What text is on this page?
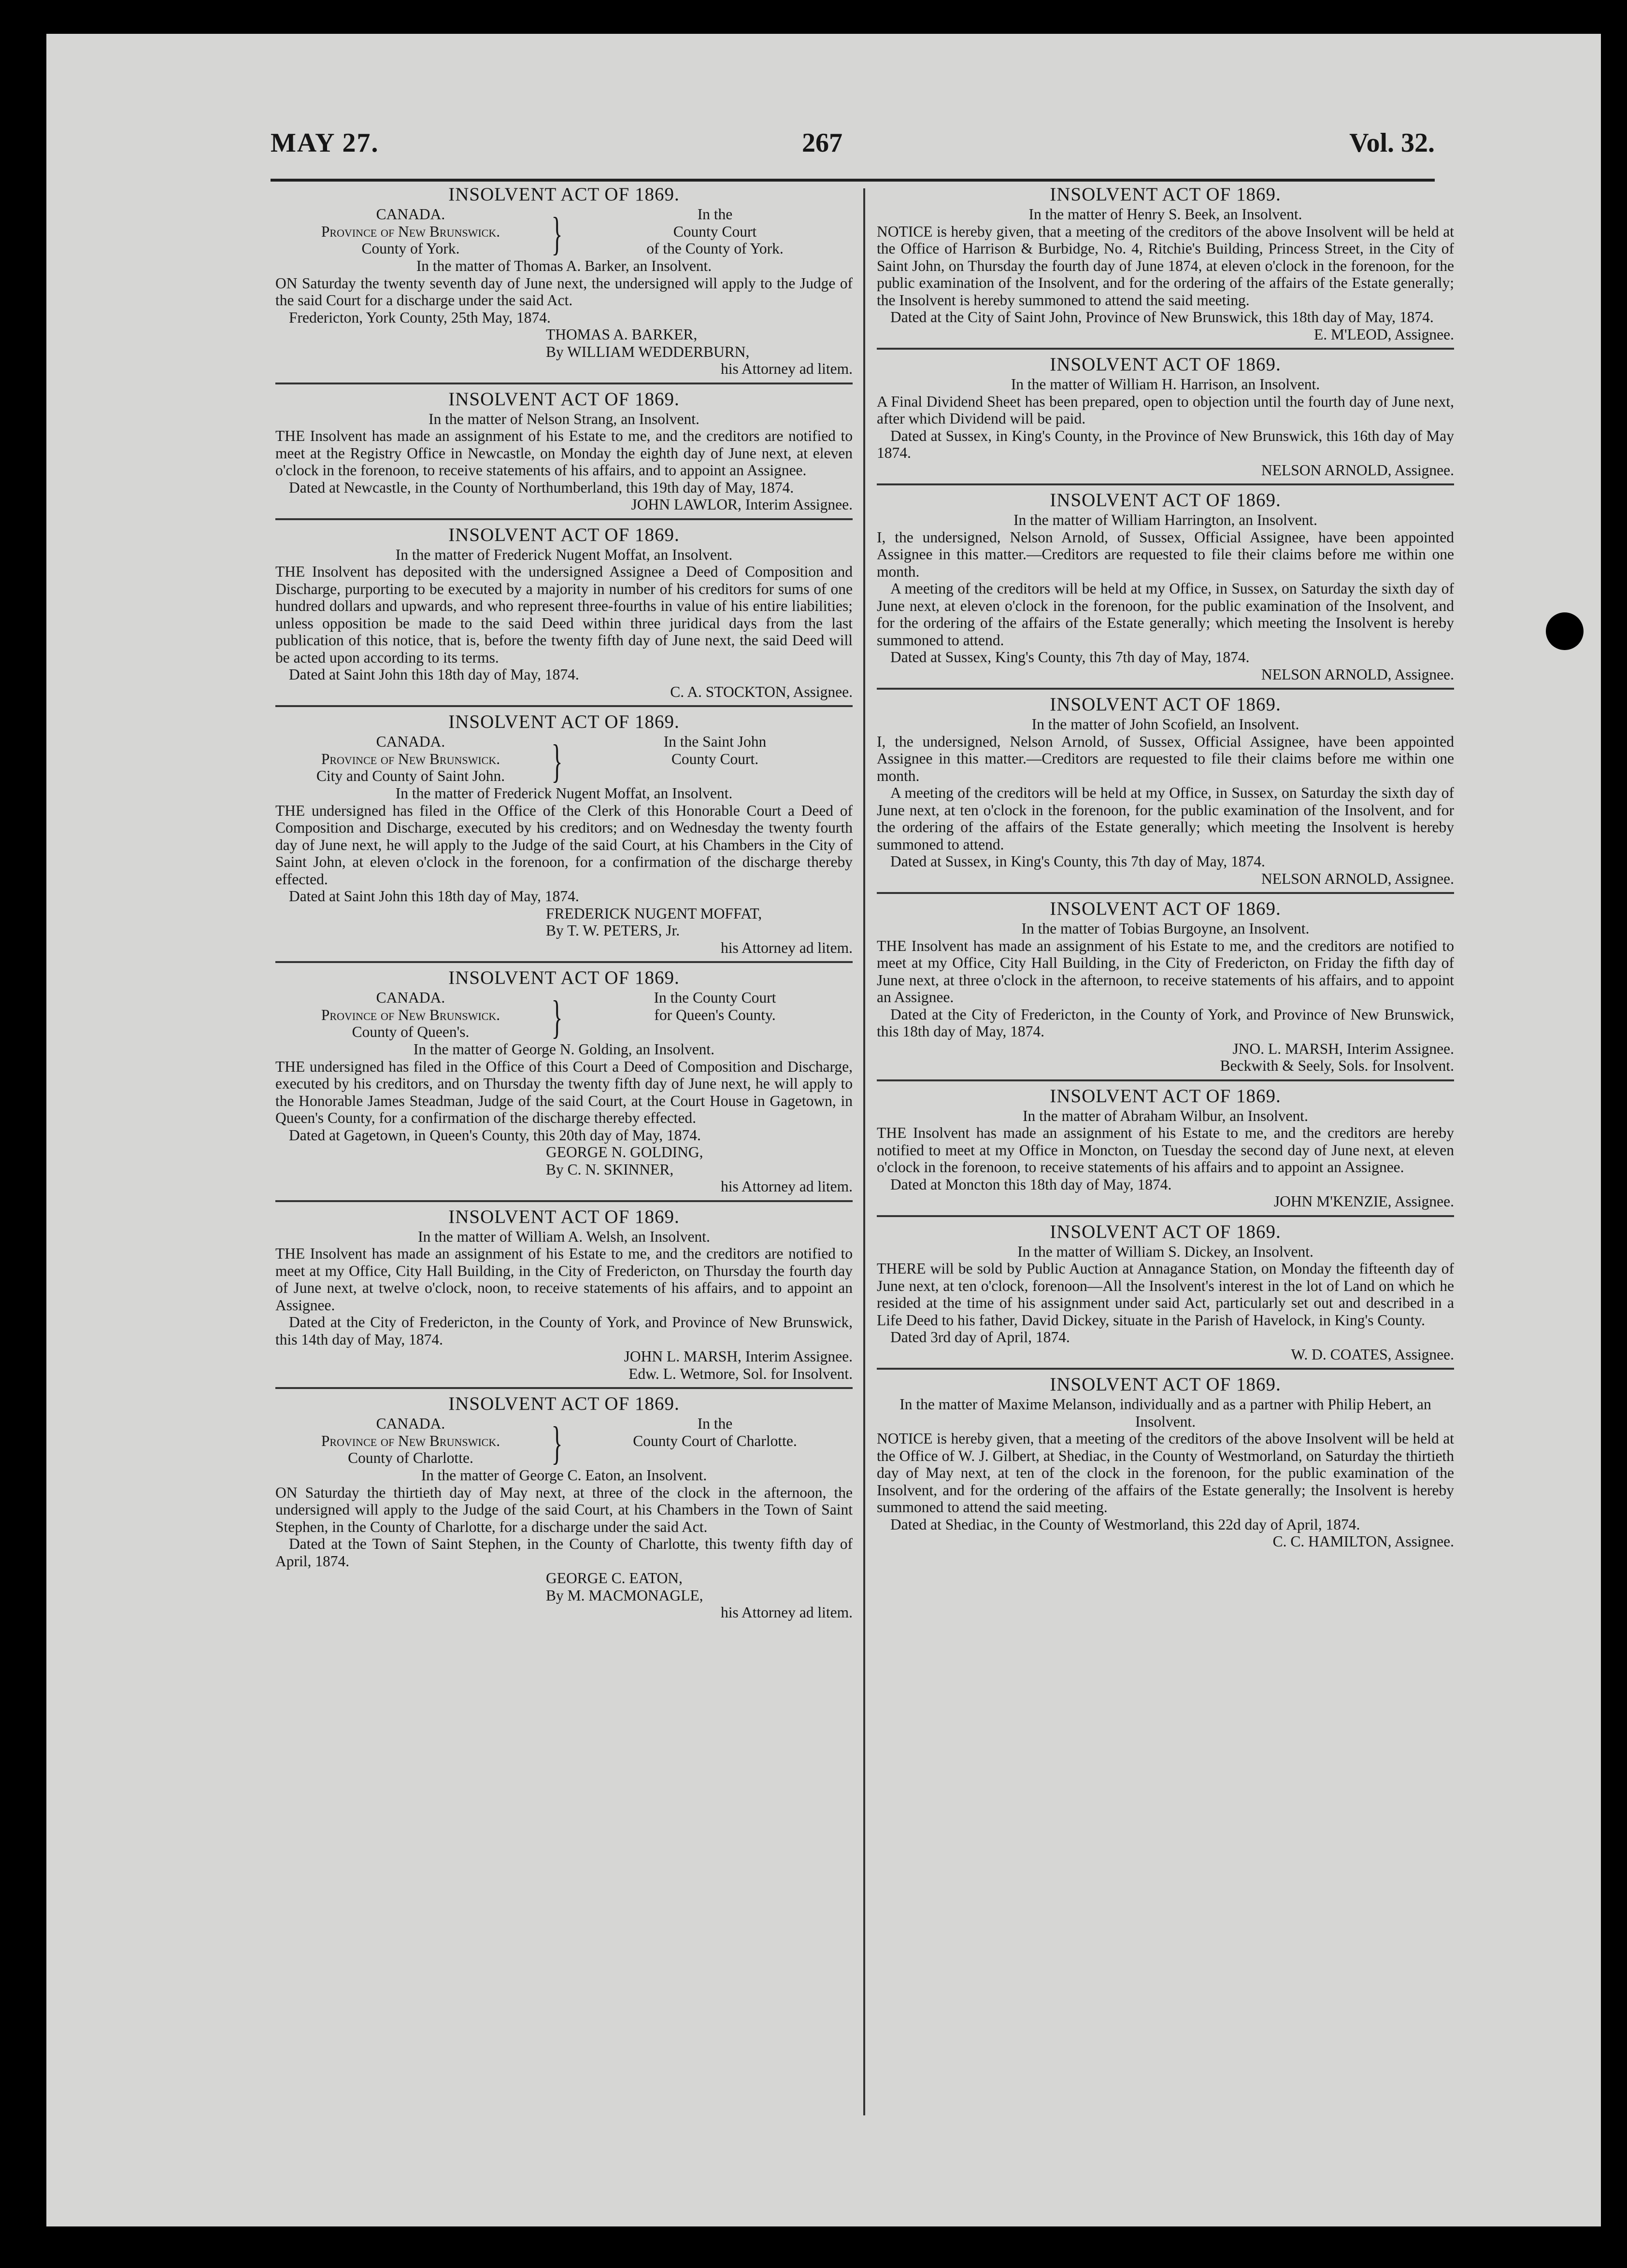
MAY 27.	267	Vol. 32.
INSOLVENT ACT OF 1869.
CANADA.
Province of New Brunswick.
County of York.	}	In the
County Court
of the County of York.
In the matter of Thomas A. Barker, an Insolvent.
ON Saturday the twenty seventh day of June next, the undersigned will apply to the Judge of the said Court for a discharge under the said Act.
Fredericton, York County, 25th May, 1874.
THOMAS A. BARKER,
By WILLIAM WEDDERBURN,
his Attorney ad litem.
INSOLVENT ACT OF 1869.
In the matter of Nelson Strang, an Insolvent.
THE Insolvent has made an assignment of his Estate to me, and the creditors are notified to meet at the Registry Office in Newcastle, on Monday the eighth day of June next, at eleven o'clock in the forenoon, to receive statements of his affairs, and to appoint an Assignee.
Dated at Newcastle, in the County of Northumberland, this 19th day of May, 1874.
JOHN LAWLOR, Interim Assignee.
INSOLVENT ACT OF 1869.
In the matter of Frederick Nugent Moffat, an Insolvent.
THE Insolvent has deposited with the undersigned Assignee a Deed of Composition and Discharge, purporting to be executed by a majority in number of his creditors for sums of one hundred dollars and upwards, and who represent three-fourths in value of his entire liabilities; unless opposition be made to the said Deed within three juridical days from the last publication of this notice, that is, before the twenty fifth day of June next, the said Deed will be acted upon according to its terms.
Dated at Saint John this 18th day of May, 1874.
C. A. STOCKTON, Assignee.
INSOLVENT ACT OF 1869.
CANADA.
Province of New Brunswick.
City and County of Saint John.	}	In the Saint John
County Court.
In the matter of Frederick Nugent Moffat, an Insolvent.
THE undersigned has filed in the Office of the Clerk of this Honorable Court a Deed of Composition and Discharge, executed by his creditors; and on Wednesday the twenty fourth day of June next, he will apply to the Judge of the said Court, at his Chambers in the City of Saint John, at eleven o'clock in the forenoon, for a confirmation of the discharge thereby effected.
Dated at Saint John this 18th day of May, 1874.
FREDERICK NUGENT MOFFAT,
By T. W. PETERS, Jr.
his Attorney ad litem.
INSOLVENT ACT OF 1869.
CANADA.
Province of New Brunswick.
County of Queen's.	}	In the County Court
for Queen's County.
In the matter of George N. Golding, an Insolvent.
THE undersigned has filed in the Office of this Court a Deed of Composition and Discharge, executed by his creditors, and on Thursday the twenty fifth day of June next, he will apply to the Honorable James Steadman, Judge of the said Court, at the Court House in Gagetown, in Queen's County, for a confirmation of the discharge thereby effected.
Dated at Gagetown, in Queen's County, this 20th day of May, 1874.
GEORGE N. GOLDING,
By C. N. SKINNER,
his Attorney ad litem.
INSOLVENT ACT OF 1869.
In the matter of William A. Welsh, an Insolvent.
THE Insolvent has made an assignment of his Estate to me, and the creditors are notified to meet at my Office, City Hall Building, in the City of Fredericton, on Thursday the fourth day of June next, at twelve o'clock, noon, to receive statements of his affairs, and to appoint an Assignee.
Dated at the City of Fredericton, in the County of York, and Province of New Brunswick, this 14th day of May, 1874.
JOHN L. MARSH, Interim Assignee.
Edw. L. Wetmore, Sol. for Insolvent.
INSOLVENT ACT OF 1869.
CANADA.
Province of New Brunswick.
County of Charlotte.	}	In the
County Court of Charlotte.
In the matter of George C. Eaton, an Insolvent.
ON Saturday the thirtieth day of May next, at three of the clock in the afternoon, the undersigned will apply to the Judge of the said Court, at his Chambers in the Town of Saint Stephen, in the County of Charlotte, for a discharge under the said Act.
Dated at the Town of Saint Stephen, in the County of Charlotte, this twenty fifth day of April, 1874.
GEORGE C. EATON,
By M. MACMONAGLE,
his Attorney ad litem.
INSOLVENT ACT OF 1869.
In the matter of Henry S. Beek, an Insolvent.
NOTICE is hereby given, that a meeting of the creditors of the above Insolvent will be held at the Office of Harrison & Burbidge, No. 4, Ritchie's Building, Princess Street, in the City of Saint John, on Thursday the fourth day of June 1874, at eleven o'clock in the forenoon, for the public examination of the Insolvent, and for the ordering of the affairs of the Estate generally; the Insolvent is hereby summoned to attend the said meeting.
Dated at the City of Saint John, Province of New Brunswick, this 18th day of May, 1874.
E. M'LEOD, Assignee.
INSOLVENT ACT OF 1869.
In the matter of William H. Harrison, an Insolvent.
A Final Dividend Sheet has been prepared, open to objection until the fourth day of June next, after which Dividend will be paid.
Dated at Sussex, in King's County, in the Province of New Brunswick, this 16th day of May 1874.
NELSON ARNOLD, Assignee.
INSOLVENT ACT OF 1869.
In the matter of William Harrington, an Insolvent.
I, the undersigned, Nelson Arnold, of Sussex, Official Assignee, have been appointed Assignee in this matter.—Creditors are requested to file their claims before me within one month.
A meeting of the creditors will be held at my Office, in Sussex, on Saturday the sixth day of June next, at eleven o'clock in the forenoon, for the public examination of the Insolvent, and for the ordering of the affairs of the Estate generally; which meeting the Insolvent is hereby summoned to attend.
Dated at Sussex, King's County, this 7th day of May, 1874.
NELSON ARNOLD, Assignee.
INSOLVENT ACT OF 1869.
In the matter of John Scofield, an Insolvent.
I, the undersigned, Nelson Arnold, of Sussex, Official Assignee, have been appointed Assignee in this matter.—Creditors are requested to file their claims before me within one month.
A meeting of the creditors will be held at my Office, in Sussex, on Saturday the sixth day of June next, at ten o'clock in the forenoon, for the public examination of the Insolvent, and for the ordering of the affairs of the Estate generally; which meeting the Insolvent is hereby summoned to attend.
Dated at Sussex, in King's County, this 7th day of May, 1874.
NELSON ARNOLD, Assignee.
INSOLVENT ACT OF 1869.
In the matter of Tobias Burgoyne, an Insolvent.
THE Insolvent has made an assignment of his Estate to me, and the creditors are notified to meet at my Office, City Hall Building, in the City of Fredericton, on Friday the fifth day of June next, at three o'clock in the afternoon, to receive statements of his affairs, and to appoint an Assignee.
Dated at the City of Fredericton, in the County of York, and Province of New Brunswick, this 18th day of May, 1874.
JNO. L. MARSH, Interim Assignee.
Beckwith & Seely, Sols. for Insolvent.
INSOLVENT ACT OF 1869.
In the matter of Abraham Wilbur, an Insolvent.
THE Insolvent has made an assignment of his Estate to me, and the creditors are hereby notified to meet at my Office in Moncton, on Tuesday the second day of June next, at eleven o'clock in the forenoon, to receive statements of his affairs and to appoint an Assignee.
Dated at Moncton this 18th day of May, 1874.
JOHN M'KENZIE, Assignee.
INSOLVENT ACT OF 1869.
In the matter of William S. Dickey, an Insolvent.
THERE will be sold by Public Auction at Annagance Station, on Monday the fifteenth day of June next, at ten o'clock, forenoon—All the Insolvent's interest in the lot of Land on which he resided at the time of his assignment under said Act, particularly set out and described in a Life Deed to his father, David Dickey, situate in the Parish of Havelock, in King's County.
Dated 3rd day of April, 1874.
W. D. COATES, Assignee.
INSOLVENT ACT OF 1869.
In the matter of Maxime Melanson, individually and as a partner with Philip Hebert, an Insolvent.
NOTICE is hereby given, that a meeting of the creditors of the above Insolvent will be held at the Office of W. J. Gilbert, at Shediac, in the County of Westmorland, on Saturday the thirtieth day of May next, at ten of the clock in the forenoon, for the public examination of the Insolvent, and for the ordering of the affairs of the Estate generally; the Insolvent is hereby summoned to attend the said meeting.
Dated at Shediac, in the County of Westmorland, this 22d day of April, 1874.
C. C. HAMILTON, Assignee.
